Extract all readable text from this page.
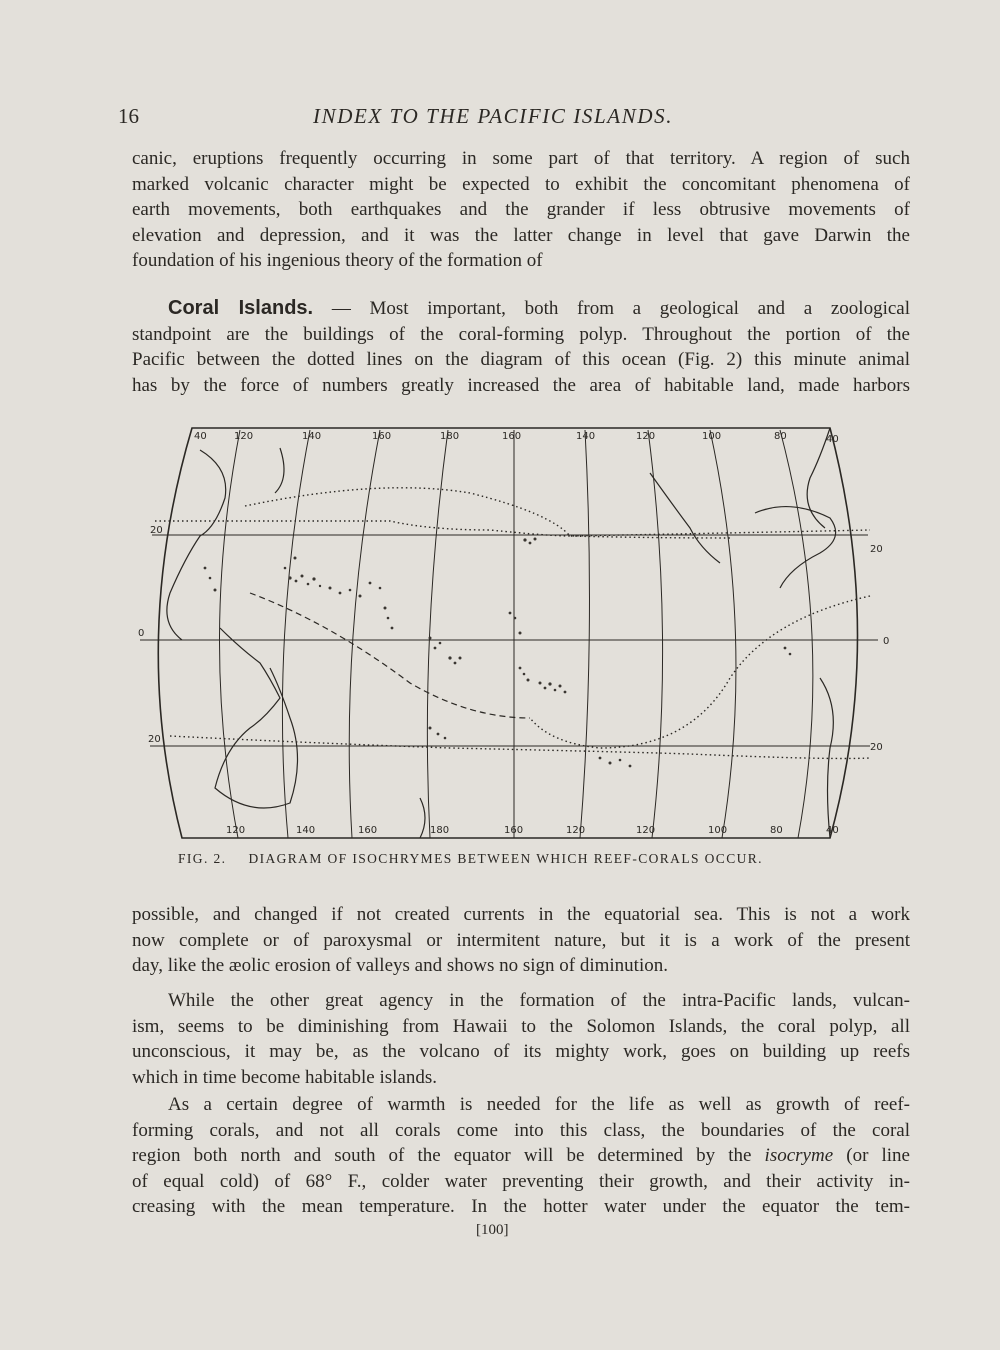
16	INDEX TO THE PACIFIC ISLANDS.

canic, eruptions frequently occurring in some part of that territory. A region of such
marked volcanic character might be expected to exhibit the concomitant phenomena of
earth movements, both earthquakes and the grander if less obtrusive movements of
elevation and depression, and it was the latter change in level that gave Darwin the
foundation of his ingenious theory of the formation of

Coral Islands. — Most important, both from a geological and a zoological
standpoint are the buildings of the coral-forming polyp. Throughout the portion of the
Pacific between the dotted lines on the diagram of this ocean (Fig. 2) this minute animal
has by the force of numbers greatly increased the area of habitable land, made harbors

40	120	140	160	180	160	140	120	100	80	40
120	140	160	180	160	120	120	100	80	40
20
0
20
20
0
20
FIG. 2. DIAGRAM OF ISOCHRYMES BETWEEN WHICH REEF-CORALS OCCUR.

possible, and changed if not created currents in the equatorial sea. This is not a work
now complete or of paroxysmal or intermitent nature, but it is a work of the present
day, like the æolic erosion of valleys and shows no sign of diminution.

While the other great agency in the formation of the intra-Pacific lands, vulcan-
ism, seems to be diminishing from Hawaii to the Solomon Islands, the coral polyp, all
unconscious, it may be, as the volcano of its mighty work, goes on building up reefs
which in time become habitable islands.

As a certain degree of warmth is needed for the life as well as growth of reef-
forming corals, and not all corals come into this class, the boundaries of the coral
region both north and south of the equator will be determined by the isocryme (or line
of equal cold) of 68° F., colder water preventing their growth, and their activity in-
creasing with the mean temperature. In the hotter water under the equator the tem-

[100]
